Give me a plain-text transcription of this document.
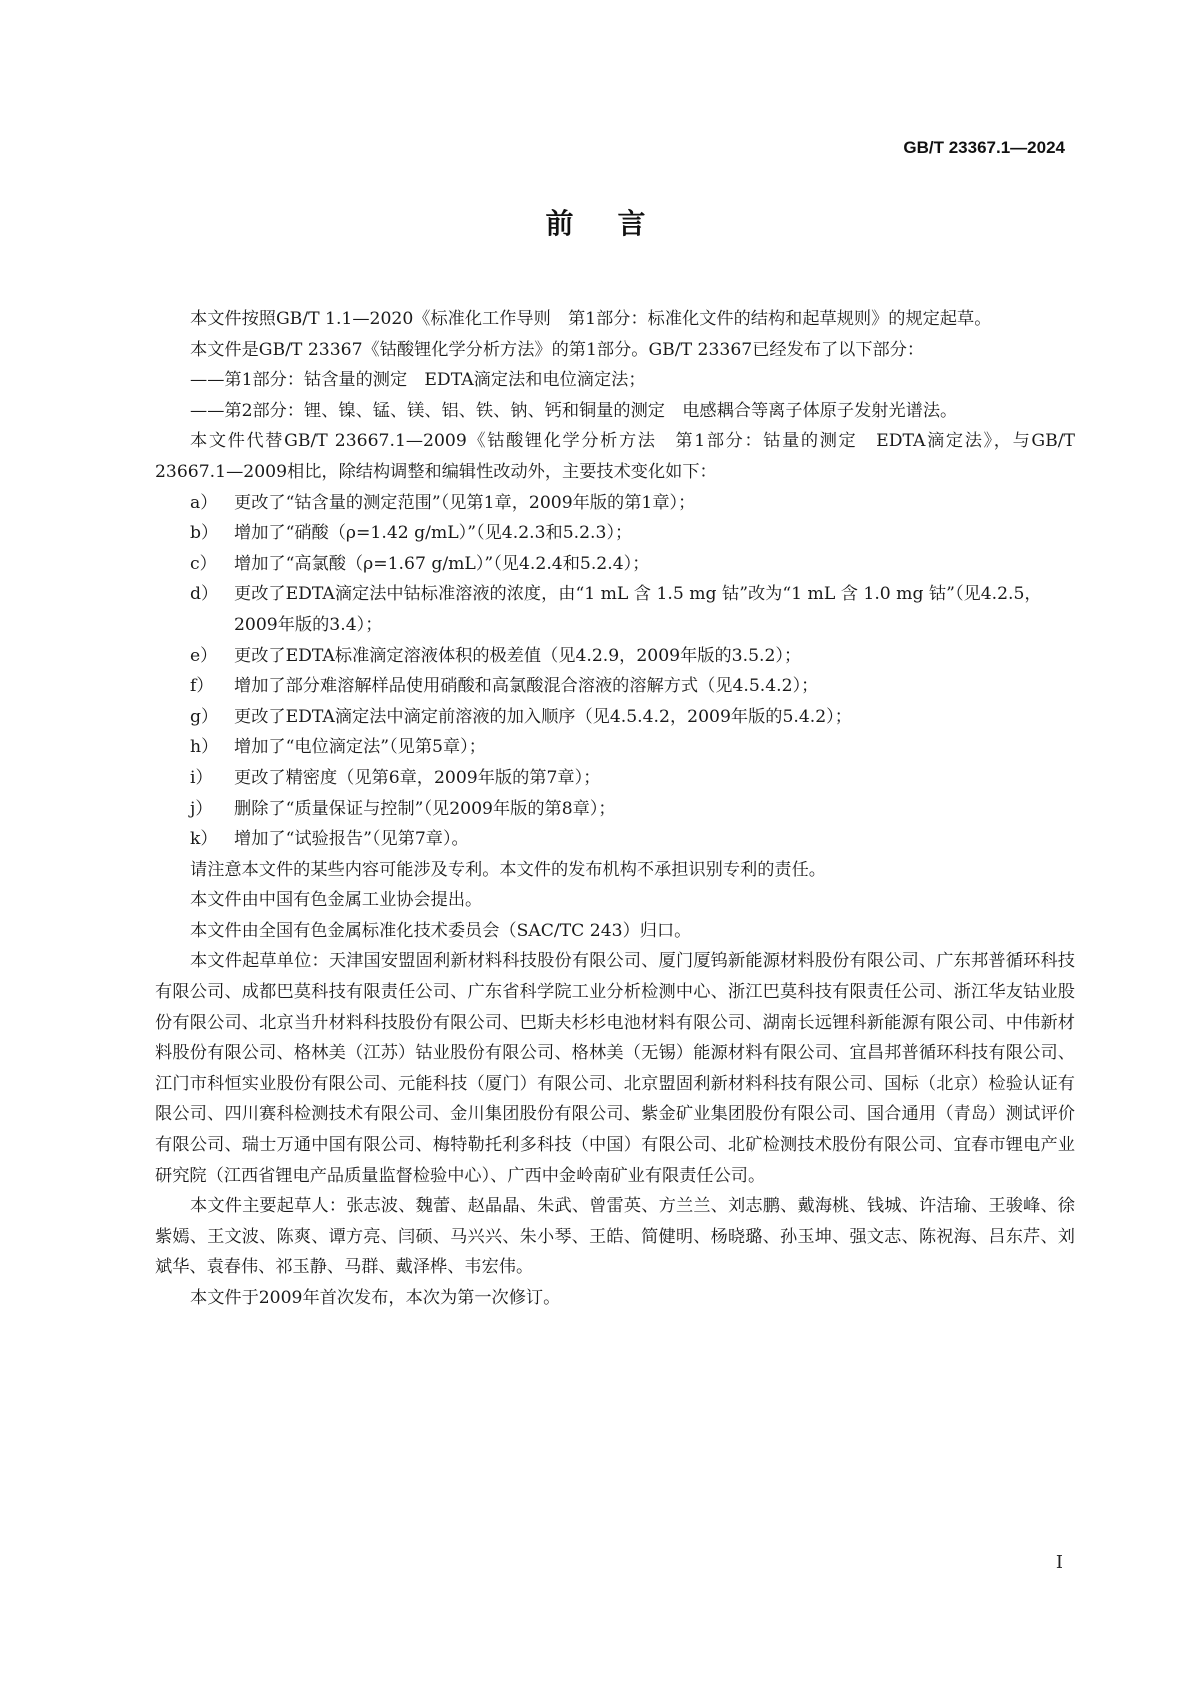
GB/T 23367.1—2024
前言

本文件按照GB/T 1.1—2020《标准化工作导则　第1部分：标准化文件的结构和起草规则》的规定起草。

本文件是GB/T 23367《钴酸锂化学分析方法》的第1部分。GB/T 23367已经发布了以下部分：

——第1部分：钴含量的测定　EDTA滴定法和电位滴定法；

——第2部分：锂、镍、锰、镁、铝、铁、钠、钙和铜量的测定　电感耦合等离子体原子发射光谱法。

本文件代替GB/T 23667.1—2009《钴酸锂化学分析方法　第1部分：钴量的测定　EDTA滴定法》，与GB/T 23667.1—2009相比，除结构调整和编辑性改动外，主要技术变化如下：

a） 更改了“钴含量的测定范围”（见第1章，2009年版的第1章）；

b） 增加了“硝酸（ρ=1.42 g/mL）”（见4.2.3和5.2.3）；

c） 增加了“高氯酸（ρ=1.67 g/mL）”（见4.2.4和5.2.4）；

d） 更改了EDTA滴定法中钴标准溶液的浓度，由“1 mL 含 1.5 mg 钴”改为“1 mL 含 1.0 mg 钴”（见4.2.5，2009年版的3.4）；

e） 更改了EDTA标准滴定溶液体积的极差值（见4.2.9，2009年版的3.5.2）；

f） 增加了部分难溶解样品使用硝酸和高氯酸混合溶液的溶解方式（见4.5.4.2）；

g） 更改了EDTA滴定法中滴定前溶液的加入顺序（见4.5.4.2，2009年版的5.4.2）；

h） 增加了“电位滴定法”（见第5章）；

i） 更改了精密度（见第6章，2009年版的第7章）；

j） 删除了“质量保证与控制”（见2009年版的第8章）；

k） 增加了“试验报告”（见第7章）。

请注意本文件的某些内容可能涉及专利。本文件的发布机构不承担识别专利的责任。

本文件由中国有色金属工业协会提出。

本文件由全国有色金属标准化技术委员会（SAC/TC 243）归口。

本文件起草单位：天津国安盟固利新材料科技股份有限公司、厦门厦钨新能源材料股份有限公司、广东邦普循环科技有限公司、成都巴莫科技有限责任公司、广东省科学院工业分析检测中心、浙江巴莫科技有限责任公司、浙江华友钴业股份有限公司、北京当升材料科技股份有限公司、巴斯夫杉杉电池材料有限公司、湖南长远锂科新能源有限公司、中伟新材料股份有限公司、格林美（江苏）钴业股份有限公司、格林美（无锡）能源材料有限公司、宜昌邦普循环科技有限公司、江门市科恒实业股份有限公司、元能科技（厦门）有限公司、北京盟固利新材料科技有限公司、国标（北京）检验认证有限公司、四川赛科检测技术有限公司、金川集团股份有限公司、紫金矿业集团股份有限公司、国合通用（青岛）测试评价有限公司、瑞士万通中国有限公司、梅特勒托利多科技（中国）有限公司、北矿检测技术股份有限公司、宜春市锂电产业研究院（江西省锂电产品质量监督检验中心）、广西中金岭南矿业有限责任公司。

本文件主要起草人：张志波、魏蕾、赵晶晶、朱武、曾雷英、方兰兰、刘志鹏、戴海桃、钱城、许洁瑜、王骏峰、徐紫嫣、王文波、陈爽、谭方亮、闫硕、马兴兴、朱小琴、王皓、简健明、杨晓璐、孙玉坤、强文志、陈祝海、吕东芹、刘斌华、袁春伟、祁玉静、马群、戴泽桦、韦宏伟。

本文件于2009年首次发布，本次为第一次修订。

I
